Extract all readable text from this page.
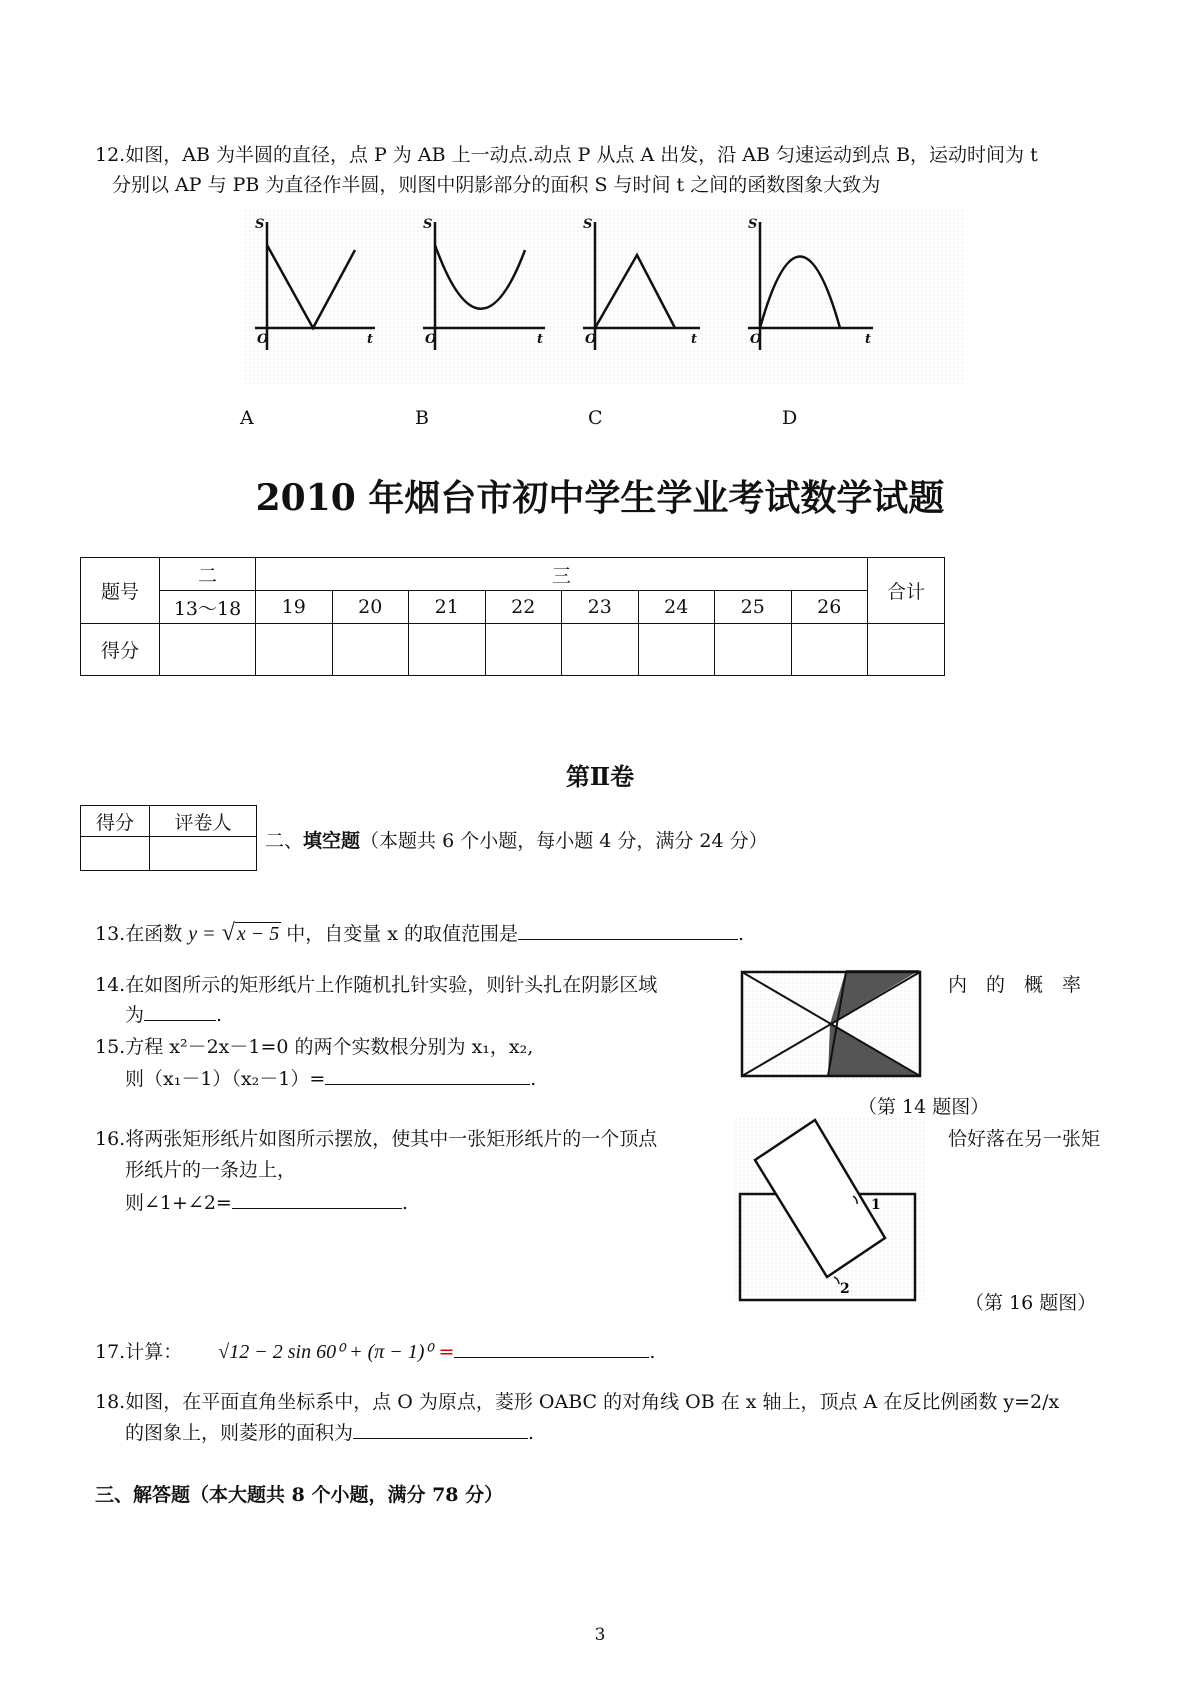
12.如图，AB 为半圆的直径，点 P 为 AB 上一动点.动点 P 从点 A 出发，沿 AB 匀速运动到点 B，运动时间为 t
分别以 AP 与 PB 为直径作半圆，则图中阴影部分的面积 S 与时间 t 之间的函数图象大致为
S	S	S	S
O	O	O	O
t	t	t	t
A	B	C	D
2010 年烟台市初中学生学业考试数学试题
题号	二	三								合计
	13～18	19	20	21	22	23	24	25	26	
得分										
第Ⅱ卷
得分	评卷人

二、填空题（本题共 6 个小题，每小题 4 分，满分 24 分）
13.在函数 y = √ x − 5 中，自变量 x 的取值范围是	.
14.在如图所示的矩形纸片上作随机扎针实验，则针头扎在阴影区域	内　的　概　率
为	.
（第 14 题图）
15.方程 x²－2x－1=0 的两个实数根分别为 x₁，x₂,
则（x₁－1）（x₂－1）=	.
16.将两张矩形纸片如图所示摆放，使其中一张矩形纸片的一个顶点	恰好落在另一张矩
形纸片的一条边上，
则∠1+∠2=	.	1
2
（第 16 题图）
17.计算： √12 − 2 sin 60⁰ + (π − 1)⁰ =	.
18.如图，在平面直角坐标系中，点 O 为原点，菱形 OABC 的对角线 OB 在 x 轴上，顶点 A 在反比例函数 y=2/x
的图象上，则菱形的面积为	.
三、解答题（本大题共 8 个小题，满分 78 分）
3
